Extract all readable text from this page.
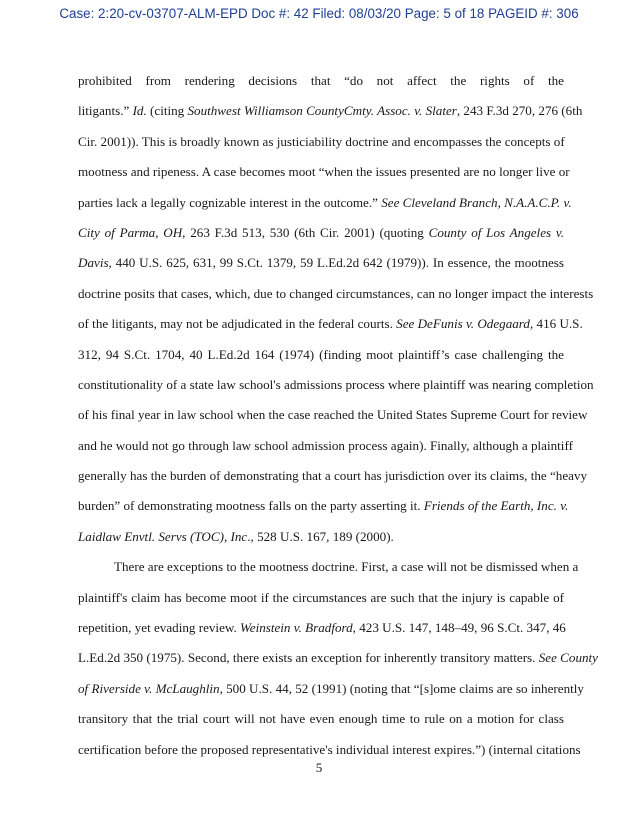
Case: 2:20-cv-03707-ALM-EPD Doc #: 42 Filed: 08/03/20 Page: 5 of 18 PAGEID #: 306
prohibited from rendering decisions that “do not affect the rights of the
litigants.” Id. (citing Southwest Williamson CountyCmty. Assoc. v. Slater, 243 F.3d 270, 276 (6th
Cir. 2001)). This is broadly known as justiciability doctrine and encompasses the concepts of
mootness and ripeness. A case becomes moot “when the issues presented are no longer live or
parties lack a legally cognizable interest in the outcome.” See Cleveland Branch, N.A.A.C.P. v.
City of Parma, OH, 263 F.3d 513, 530 (6th Cir. 2001) (quoting County of Los Angeles v.
Davis, 440 U.S. 625, 631, 99 S.Ct. 1379, 59 L.Ed.2d 642 (1979)). In essence, the mootness
doctrine posits that cases, which, due to changed circumstances, can no longer impact the interests
of the litigants, may not be adjudicated in the federal courts. See DeFunis v. Odegaard, 416 U.S.
312, 94 S.Ct. 1704, 40 L.Ed.2d 164 (1974) (finding moot plaintiff’s case challenging the
constitutionality of a state law school's admissions process where plaintiff was nearing completion
of his final year in law school when the case reached the United States Supreme Court for review
and he would not go through law school admission process again). Finally, although a plaintiff
generally has the burden of demonstrating that a court has jurisdiction over its claims, the “heavy
burden” of demonstrating mootness falls on the party asserting it. Friends of the Earth, Inc. v.
Laidlaw Envtl. Servs (TOC), Inc., 528 U.S. 167, 189 (2000).
There are exceptions to the mootness doctrine. First, a case will not be dismissed when a
plaintiff's claim has become moot if the circumstances are such that the injury is capable of
repetition, yet evading review. Weinstein v. Bradford, 423 U.S. 147, 148–49, 96 S.Ct. 347, 46
L.Ed.2d 350 (1975). Second, there exists an exception for inherently transitory matters. See County
of Riverside v. McLaughlin, 500 U.S. 44, 52 (1991) (noting that “[s]ome claims are so inherently
transitory that the trial court will not have even enough time to rule on a motion for class
certification before the proposed representative's individual interest expires.”) (internal citations
5
